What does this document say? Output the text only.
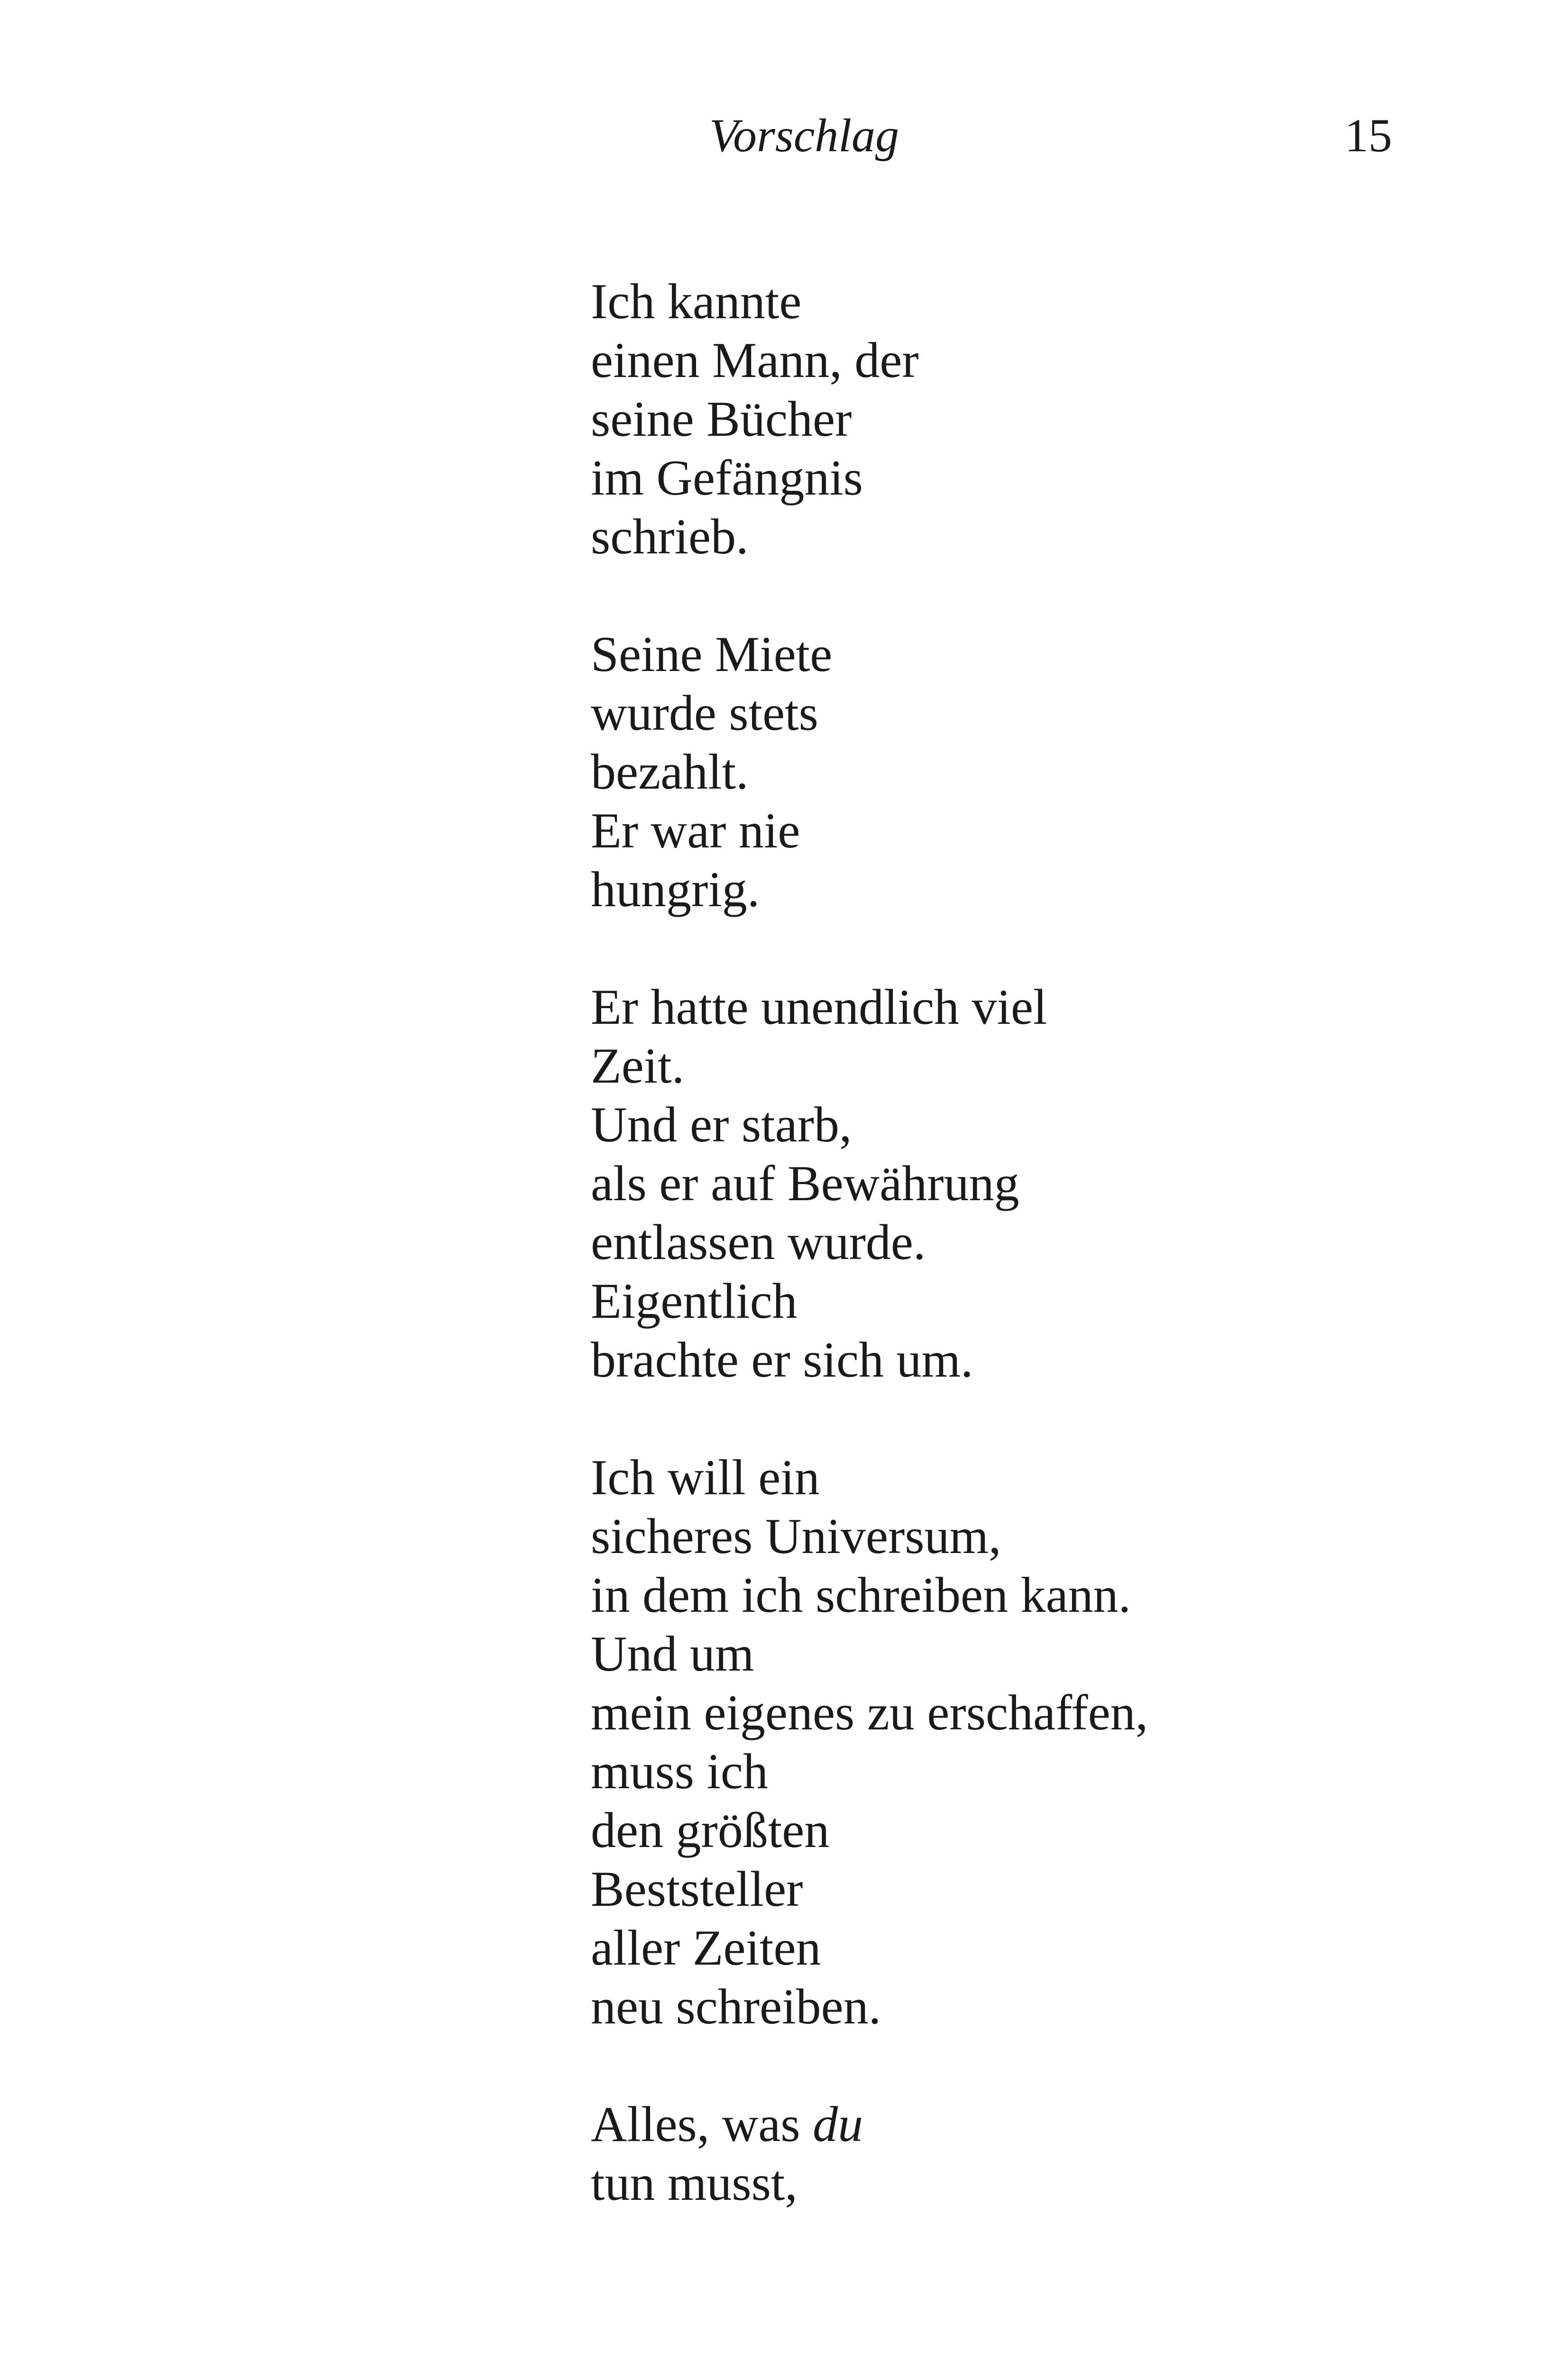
Vorschlag	15
Ich kannte
einen Mann, der
seine Bücher
im Gefängnis
schrieb.
Seine Miete
wurde stets
bezahlt.
Er war nie
hungrig.
Er hatte unendlich viel
Zeit.
Und er starb,
als er auf Bewährung
entlassen wurde.
Eigentlich
brachte er sich um.
Ich will ein
sicheres Universum,
in dem ich schreiben kann.
Und um
mein eigenes zu erschaffen,
muss ich
den größten
Beststeller
aller Zeiten
neu schreiben.
Alles, was du
tun musst,
